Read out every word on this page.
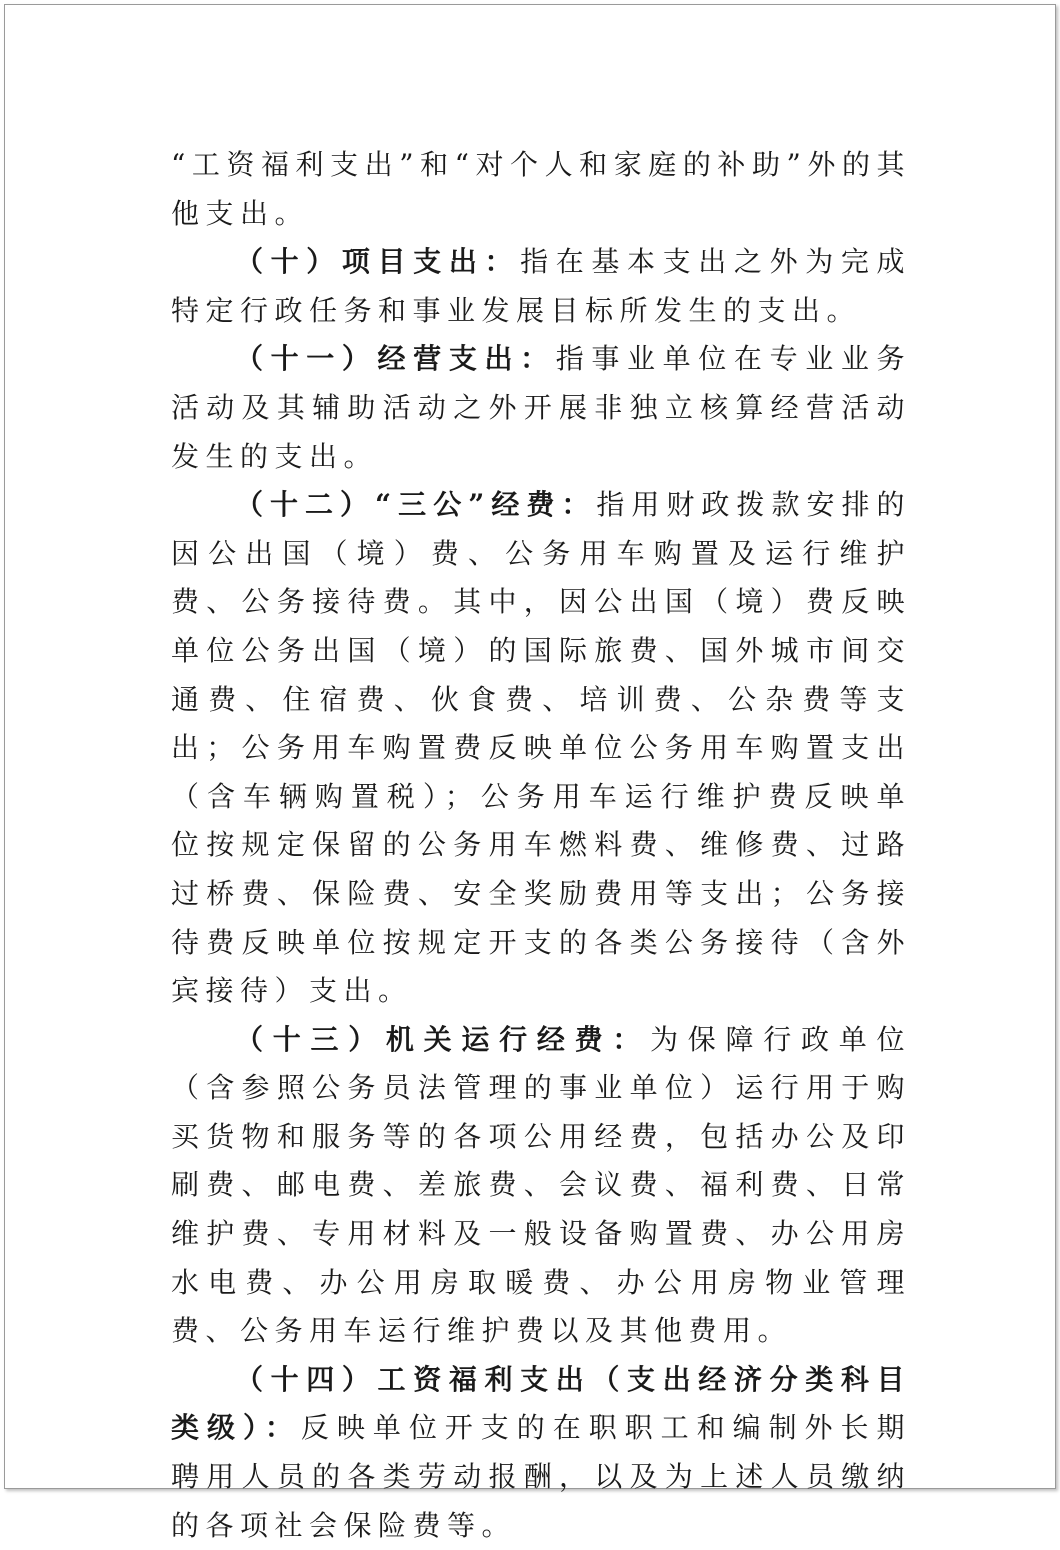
“工资福利支出”和“对个人和家庭的补助”外的其他支出。

（十）项目支出：指在基本支出之外为完成特定行政任务和事业发展目标所发生的支出。

（十一）经营支出：指事业单位在专业业务活动及其辅助活动之外开展非独立核算经营活动发生的支出。

（十二）“三公”经费：指用财政拨款安排的因公出国（境）费、公务用车购置及运行维护费、公务接待费。其中，因公出国（境）费反映单位公务出国（境）的国际旅费、国外城市间交通费、住宿费、伙食费、培训费、公杂费等支出；公务用车购置费反映单位公务用车购置支出（含车辆购置税）；公务用车运行维护费反映单位按规定保留的公务用车燃料费、维修费、过路过桥费、保险费、安全奖励费用等支出；公务接待费反映单位按规定开支的各类公务接待（含外宾接待）支出。

（十三）机关运行经费：为保障行政单位（含参照公务员法管理的事业单位）运行用于购买货物和服务等的各项公用经费，包括办公及印刷费、邮电费、差旅费、会议费、福利费、日常维护费、专用材料及一般设备购置费、办公用房水电费、办公用房取暖费、办公用房物业管理费、公务用车运行维护费以及其他费用。

（十四）工资福利支出（支出经济分类科目类级）：反映单位开支的在职职工和编制外长期聘用人员的各类劳动报酬，以及为上述人员缴纳的各项社会保险费等。
